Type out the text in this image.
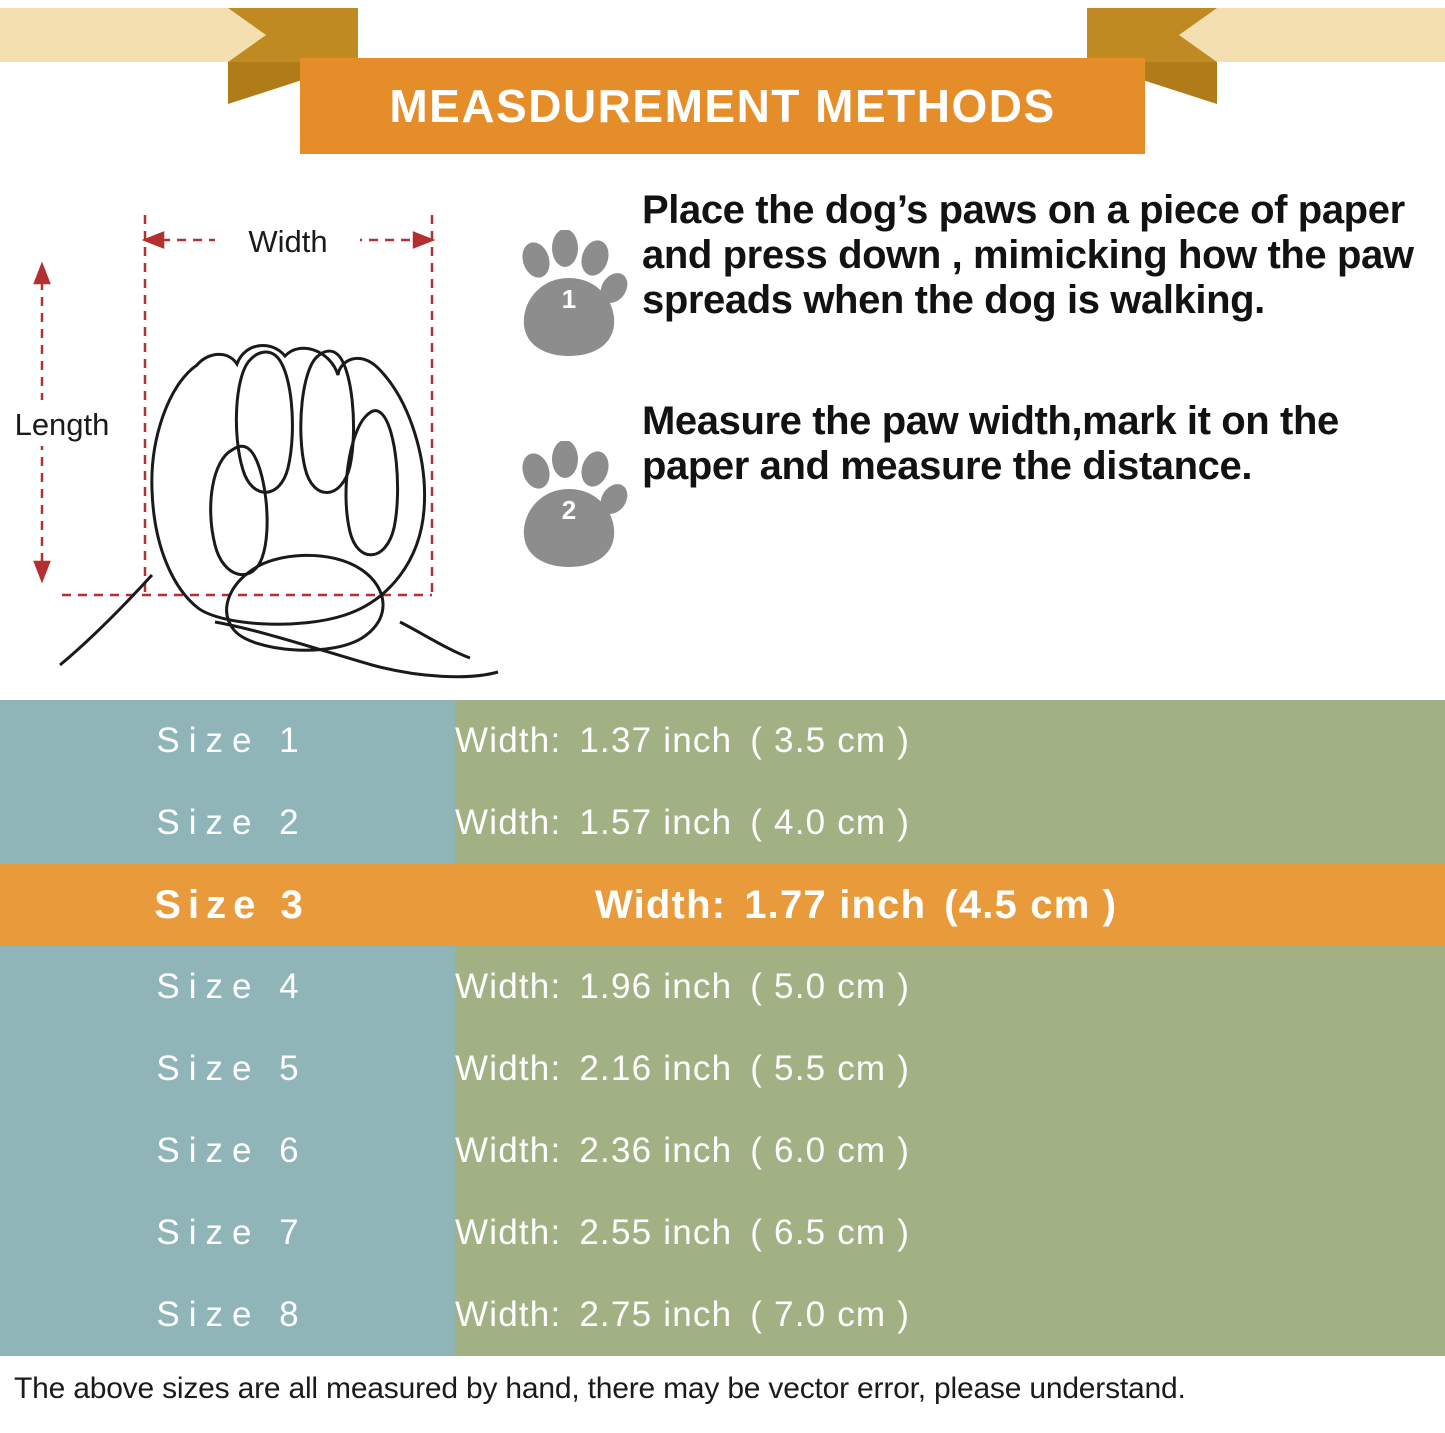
MEASDUREMENT METHODS
Width
Length
1
Place the dog’s paws on a piece of paper and press down , mimicking how the paw spreads when the dog is walking.
2
Measure the paw width,mark it on the paper and measure the distance.
Size 1	Width: 1.37 inch ( 3.5 cm )
Size 2	Width: 1.57 inch ( 4.0 cm )
Size 3	Width: 1.77 inch (4.5 cm )
Size 4	Width: 1.96 inch ( 5.0 cm )
Size 5	Width: 2.16 inch ( 5.5 cm )
Size 6	Width: 2.36 inch ( 6.0 cm )
Size 7	Width: 2.55 inch ( 6.5 cm )
Size 8	Width: 2.75 inch ( 7.0 cm )
The above sizes are all measured by hand, there may be vector error, please understand.
